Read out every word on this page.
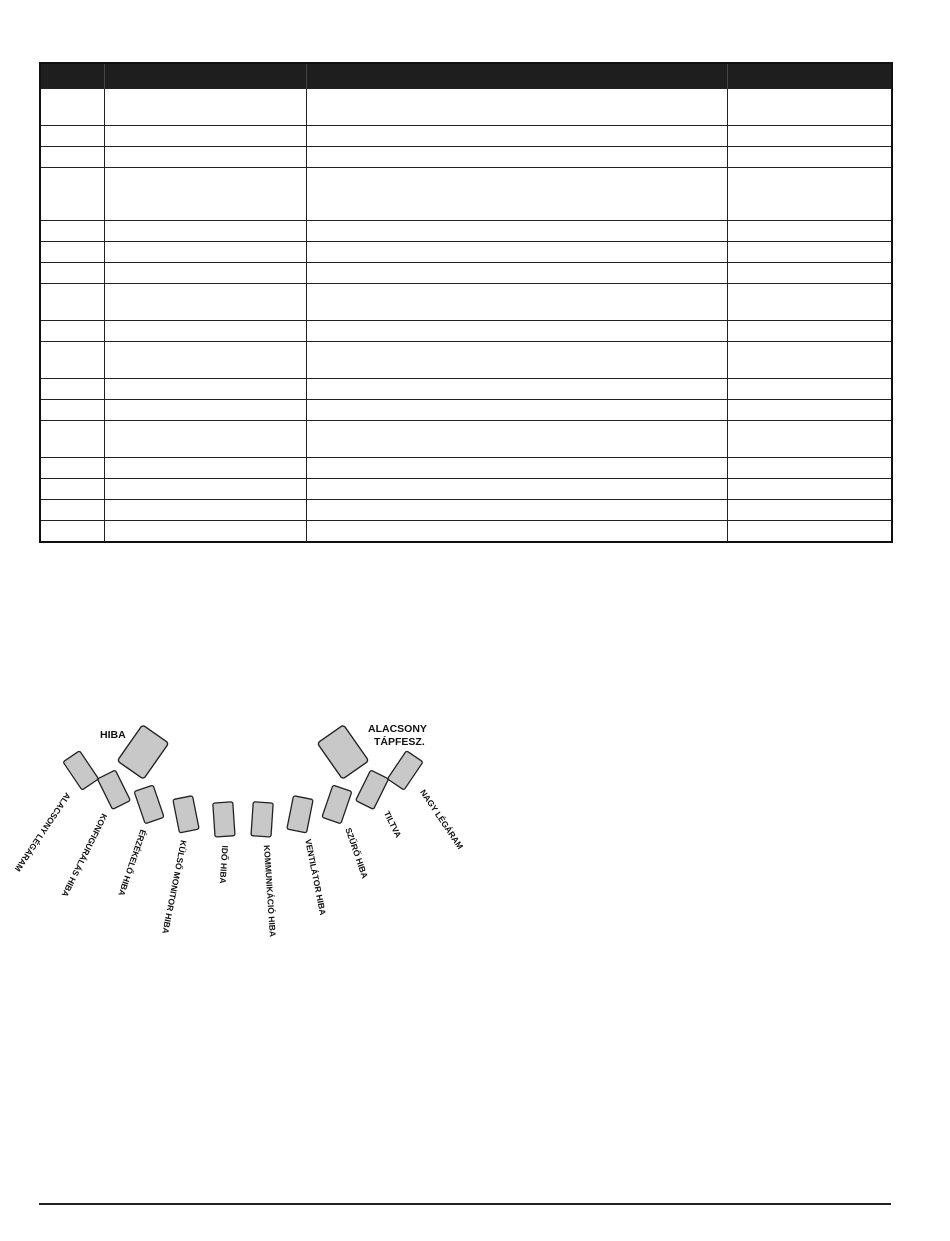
HIBA	ALACSONY
TÁPFESZ.
ALACSONY LÉGÁRAM
KONFIGURÁLÁS HIBA ÉRZÉKELŐ HIBA KÜLSŐ MONITOR HIBA	IDŐ HIBA	KOMMUNIKÁCIÓ HIBA	VENTILÁTOR HIBA SZŰRŐ HIBA
TILTVA NAGY LÉGÁRAM
